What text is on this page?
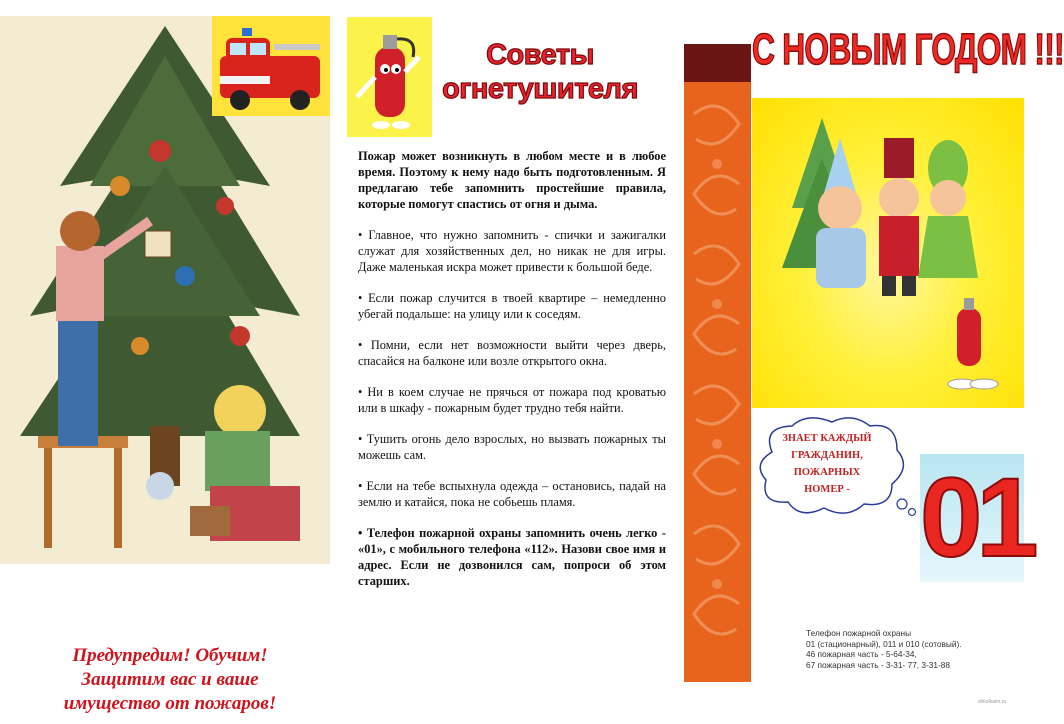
Предупредим! Обучим!
Защитим вас и ваше
имущество от пожаров!
Советы
огнетушителя

Пожар может возникнуть в любом месте и в любое время. Поэтому к нему надо быть подготовленным. Я предлагаю тебе запомнить простейшие правила, которые помогут спастись от огня и дыма.

• Главное, что нужно запомнить - спички и зажигалки служат для хозяйственных дел, но никак не для игры. Даже маленькая искра может привести к большой беде.

• Если пожар случится в твоей квартире – немедленно убегай подальше: на улицу или к соседям.

• Помни, если нет возможности выйти через дверь, спасайся на балконе или возле открытого окна.

• Ни в коем случае не прячься от пожара под кроватью или в шкафу - пожарным будет трудно тебя найти.

• Тушить огонь дело взрослых, но вызвать пожарных ты можешь сам.

• Если на тебе вспыхнула одежда – остановись, падай на землю и катайся, пока не собьешь пламя.

• Телефон пожарной охраны запомнить очень легко - «01», с мобильного телефона «112». Назови свое имя и адрес. Если не дозвонился сам, попроси об этом старших.

С НОВЫМ ГОДОМ !!!
ЗНАЕТ КАЖДЫЙ
ГРАЖДАНИН,
ПОЖАРНЫХ
НОМЕР - 01
Телефон пожарной охраны
01 (стационарный), 011 и 010 (сотовый).
46 пожарная часть - 5-64-34,
67 пожарная часть - 3-31- 77, 3-31-88
shkolkaim.ru
